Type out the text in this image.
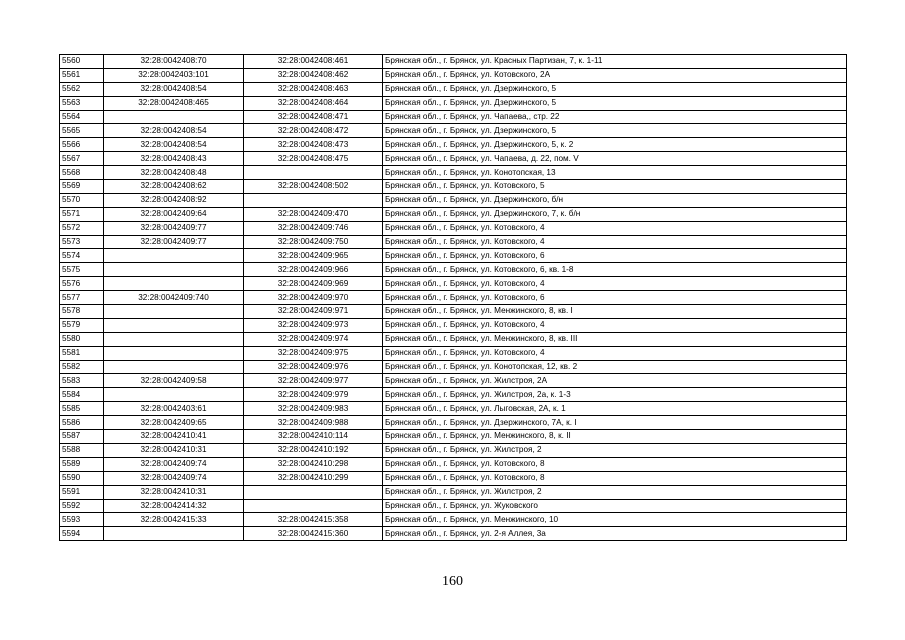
5560	32:28:0042408:70	32:28:0042408:461	Брянская обл., г. Брянск, ул. Красных Партизан, 7, к. 1-11
5561	32:28:0042403:101	32:28:0042408:462	Брянская обл., г. Брянск, ул. Котовского, 2А
5562	32:28:0042408:54	32:28:0042408:463	Брянская обл., г. Брянск, ул. Дзержинского, 5
5563	32:28:0042408:465	32:28:0042408:464	Брянская обл., г. Брянск, ул. Дзержинского, 5
5564		32:28:0042408:471	Брянская обл., г. Брянск, ул. Чапаева,, стр. 22
5565	32:28:0042408:54	32:28:0042408:472	Брянская обл., г. Брянск, ул. Дзержинского, 5
5566	32:28:0042408:54	32:28:0042408:473	Брянская обл., г. Брянск, ул. Дзержинского, 5, к. 2
5567	32:28:0042408:43	32:28:0042408:475	Брянская обл., г. Брянск, ул. Чапаева, д. 22, пом. V
5568	32:28:0042408:48		Брянская обл., г. Брянск, ул. Конотопская, 13
5569	32:28:0042408:62	32:28:0042408:502	Брянская обл., г. Брянск, ул. Котовского, 5
5570	32:28:0042408:92		Брянская обл., г. Брянск, ул. Дзержинского, б/н
5571	32:28:0042409:64	32:28:0042409:470	Брянская обл., г. Брянск, ул. Дзержинского, 7, к. б/н
5572	32:28:0042409:77	32:28:0042409:746	Брянская обл., г. Брянск, ул. Котовского, 4
5573	32:28:0042409:77	32:28:0042409:750	Брянская обл., г. Брянск, ул. Котовского, 4
5574		32:28:0042409:965	Брянская обл., г. Брянск, ул. Котовского, 6
5575		32:28:0042409:966	Брянская обл., г. Брянск, ул. Котовского, 6, кв. 1-8
5576		32:28:0042409:969	Брянская обл., г. Брянск, ул. Котовского, 4
5577	32:28:0042409:740	32:28:0042409:970	Брянская обл., г. Брянск, ул. Котовского, 6
5578		32:28:0042409:971	Брянская обл., г. Брянск, ул. Менжинского, 8, кв. I
5579		32:28:0042409:973	Брянская обл., г. Брянск, ул. Котовского, 4
5580		32:28:0042409:974	Брянская обл., г. Брянск, ул. Менжинского, 8, кв. III
5581		32:28:0042409:975	Брянская обл., г. Брянск, ул. Котовского, 4
5582		32:28:0042409:976	Брянская обл., г. Брянск, ул. Конотопская, 12, кв. 2
5583	32:28:0042409:58	32:28:0042409:977	Брянская обл., г. Брянск, ул. Жилстроя, 2А
5584		32:28:0042409:979	Брянская обл., г. Брянск, ул. Жилстроя, 2а, к. 1-3
5585	32:28:0042403:61	32:28:0042409:983	Брянская обл., г. Брянск, ул. Лыговская, 2А, к. 1
5586	32:28:0042409:65	32:28:0042409:988	Брянская обл., г. Брянск, ул. Дзержинского, 7А, к. I
5587	32:28:0042410:41	32:28:0042410:114	Брянская обл., г. Брянск, ул. Менжинского, 8, к. II
5588	32:28:0042410:31	32:28:0042410:192	Брянская обл., г. Брянск, ул. Жилстроя, 2
5589	32:28:0042409:74	32:28:0042410:298	Брянская обл., г. Брянск, ул. Котовского, 8
5590	32:28:0042409:74	32:28:0042410:299	Брянская обл., г. Брянск, ул. Котовского, 8
5591	32:28:0042410:31		Брянская обл., г. Брянск, ул. Жилстроя, 2
5592	32:28:0042414:32		Брянская обл., г. Брянск, ул. Жуковского
5593	32:28:0042415:33	32:28:0042415:358	Брянская обл., г. Брянск, ул. Менжинского, 10
5594		32:28:0042415:360	Брянская обл., г. Брянск, ул. 2-я Аллея, 3а
160
